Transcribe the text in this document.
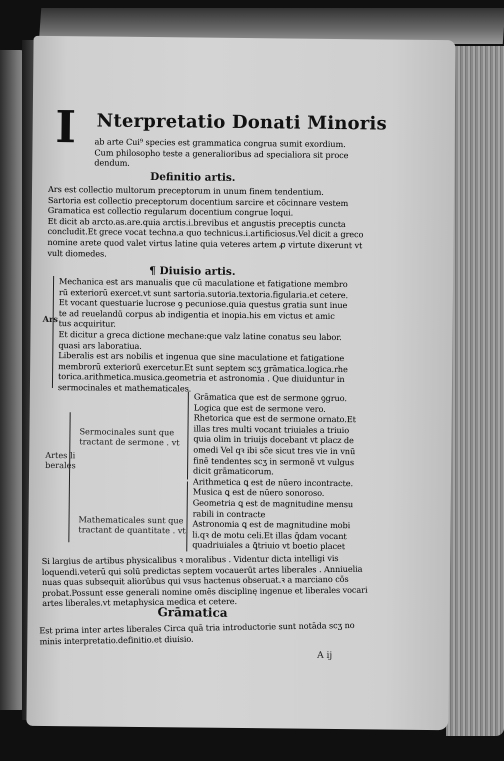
I Nterpretatio Donati Minoris
ab arte Cui⁹ species est grammatica congrua sumit exordium.
Cum philosopho teste a generalioribus ad specialiora sit proce
dendum.
Definitio artis.
Ars est collectio multorum preceptorum in unum finem tendentium.
Sartoria est collectio preceptorum docentium sarcire et cōcinnare vestem
Gramatica est collectio regularum docentium congrue loqui.
Et dicit ab arcto.as.are.quia arctis.i.brevibus et angustis preceptis cuncta
concludit.Et grece vocat techna.a quo technicus.i.artificiosus.Vel dicit a greco
nomine arete quod valet virtus latine quia veteres artem ꝓ virtute dixerunt vt
vult diomedes.
¶ Diuisio artis.
Ars
Mechanica est ars manualis que cū maculatione et fatigatione membro
rū exteriorū exercet.vt sunt sartoria.sutoria.textoria.figularia.et cetere.
Et vocant questuarie lucrose ꝯ pecuniose.quia questus gratia sunt inue
te ad reuelandū corpus ab indigentia et inopia.his em victus et amic
tus acquiritur.
Et dicitur a greca dictione mechane:que valz latine conatus seu labor.
quasi ars laboratiua.
Liberalis est ars nobilis et ingenua que sine maculatione et fatigatione
membrorū exteriorū exercetur.Et sunt septem scʒ grāmatica.logica.rhe
torica.arithmetica.musica.geometria et astronomia . Que diuiduntur in
sermocinales et mathematicales.
Artes li
berales
Sermocinales sunt que
tractant de sermone . vt
Mathematicales sunt que
tractant de quantitate . vt
Grāmatica que est de sermone ꝯgruo.
Logica que est de sermone vero.
Rhetorica que est de sermone ornato.Et
illas tres multi vocant triuiales a triuio
quia olim in triuijs docebant vt placz de
omedi Vel qꝛ ibi sc̄e sicut tres vie in vnū
finē tendentes scʒ in sermonē vt vulgus
dicit grāmaticorum.
Arithmetica ꝗ est de nūero incontracte.
Musica ꝗ est de nūero sonoroso.
Geometria ꝗ est de magnitudine mensu
rabili in contracte
Astronomia ꝗ est de magnitudine mobi
li.qꝛ de motu celi.Et illas q̄dam vocant
quadriuiales a ꝗ̄triuio vt boetio placet
Si largius de artibus physicalibus ꝛ moralibus . Videntur dicta intelligi vis
loquendi.veterū qui solū predictas septem vocauerūt artes liberales . Anniuelia
nuas quas subsequit aliorūbus qui vsus hactenus obseruat.ꝛ a marciano cōs
probat.Possunt esse generali nomine omēs disciplinę ingenue et liberales vocari
artes liberales.vt metaphysica medica et cetere.
Grāmatica
Est prima inter artes liberales Circa quā tria introductorie sunt notāda scʒ no
minis interpretatio.definitio.et diuisio.
A ij
